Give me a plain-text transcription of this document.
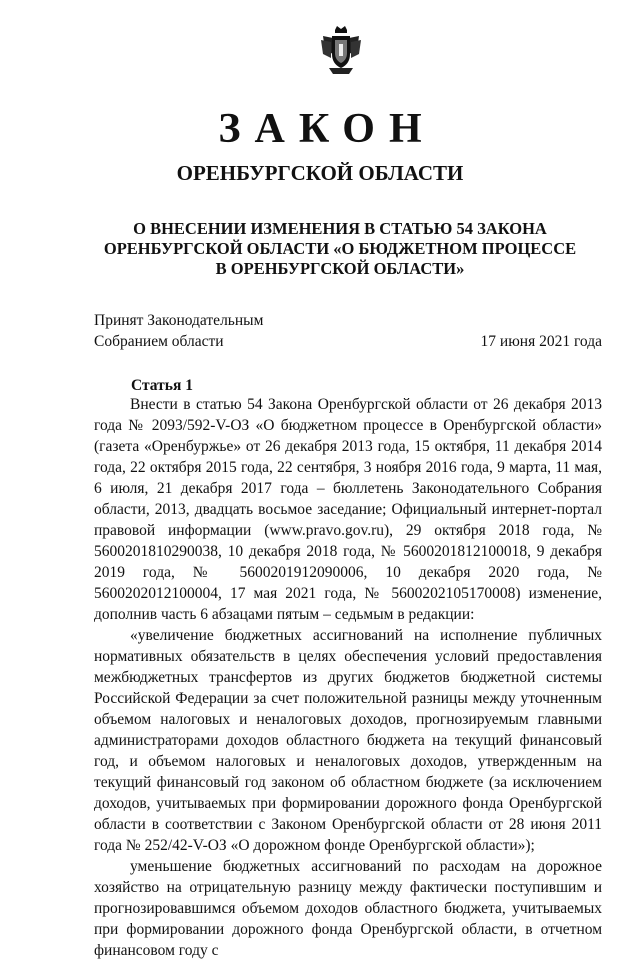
ЗАКОН
ОРЕНБУРГСКОЙ ОБЛАСТИ
О ВНЕСЕНИИ ИЗМЕНЕНИЯ В СТАТЬЮ 54 ЗАКОНА
ОРЕНБУРГСКОЙ ОБЛАСТИ «О БЮДЖЕТНОМ ПРОЦЕССЕ
В ОРЕНБУРГСКОЙ ОБЛАСТИ»
Принят Законодательным
Собранием области	17 июня 2021 года
Статья 1

Внести в статью 54 Закона Оренбургской области от 26 декабря 2013 года № 2093/592-V-ОЗ «О бюджетном процессе в Оренбургской области» (газета «Оренбуржье» от 26 декабря 2013 года, 15 октября, 11 декабря 2014 года, 22 октября 2015 года, 22 сентября, 3 ноября 2016 года, 9 марта, 11 мая, 6 июля, 21 декабря 2017 года – бюллетень Законодательного Собрания области, 2013, двадцать восьмое заседание; Официальный интернет-портал правовой информации (www.pravo.gov.ru), 29 октября 2018 года, № 5600201810290038, 10 декабря 2018 года, № 5600201812100018, 9 декабря 2019 года, № 5600201912090006, 10 декабря 2020 года, № 5600202012100004, 17 мая 2021 года, № 5600202105170008) изменение, дополнив часть 6 абзацами пятым – седьмым в редакции:

«увеличение бюджетных ассигнований на исполнение публичных нормативных обязательств в целях обеспечения условий предоставления межбюджетных трансфертов из других бюджетов бюджетной системы Российской Федерации за счет положительной разницы между уточненным объемом налоговых и неналоговых доходов, прогнозируемым главными администраторами доходов областного бюджета на текущий финансовый год, и объемом налоговых и неналоговых доходов, утвержденным на текущий финансовый год законом об областном бюджете (за исключением доходов, учитываемых при формировании дорожного фонда Оренбургской области в соответствии с Законом Оренбургской области от 28 июня 2011 года № 252/42-V-ОЗ «О дорожном фонде Оренбургской области»);

уменьшение бюджетных ассигнований по расходам на дорожное хозяйство на отрицательную разницу между фактически поступившим и прогнозировавшимся объемом доходов областного бюджета, учитываемых при формировании дорожного фонда Оренбургской области, в отчетном финансовом году с
